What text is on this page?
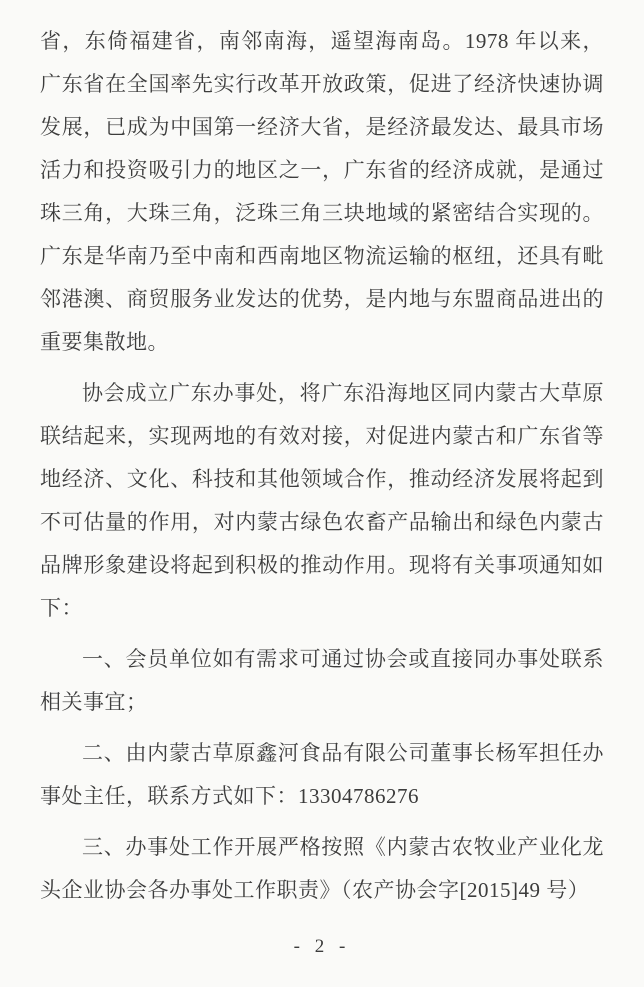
省，东倚福建省，南邻南海，遥望海南岛。1978 年以来，广东省在全国率先实行改革开放政策，促进了经济快速协调发展，已成为中国第一经济大省，是经济最发达、最具市场活力和投资吸引力的地区之一，广东省的经济成就，是通过珠三角，大珠三角，泛珠三角三块地域的紧密结合实现的。广东是华南乃至中南和西南地区物流运输的枢纽，还具有毗邻港澳、商贸服务业发达的优势，是内地与东盟商品进出的重要集散地。

协会成立广东办事处，将广东沿海地区同内蒙古大草原联结起来，实现两地的有效对接，对促进内蒙古和广东省等地经济、文化、科技和其他领域合作，推动经济发展将起到不可估量的作用，对内蒙古绿色农畜产品输出和绿色内蒙古品牌形象建设将起到积极的推动作用。现将有关事项通知如下：

一、会员单位如有需求可通过协会或直接同办事处联系相关事宜；

二、由内蒙古草原鑫河食品有限公司董事长杨军担任办事处主任，联系方式如下：13304786276

三、办事处工作开展严格按照《内蒙古农牧业产业化龙头企业协会各办事处工作职责》（农产协会字[2015]49 号）

- 2 -
